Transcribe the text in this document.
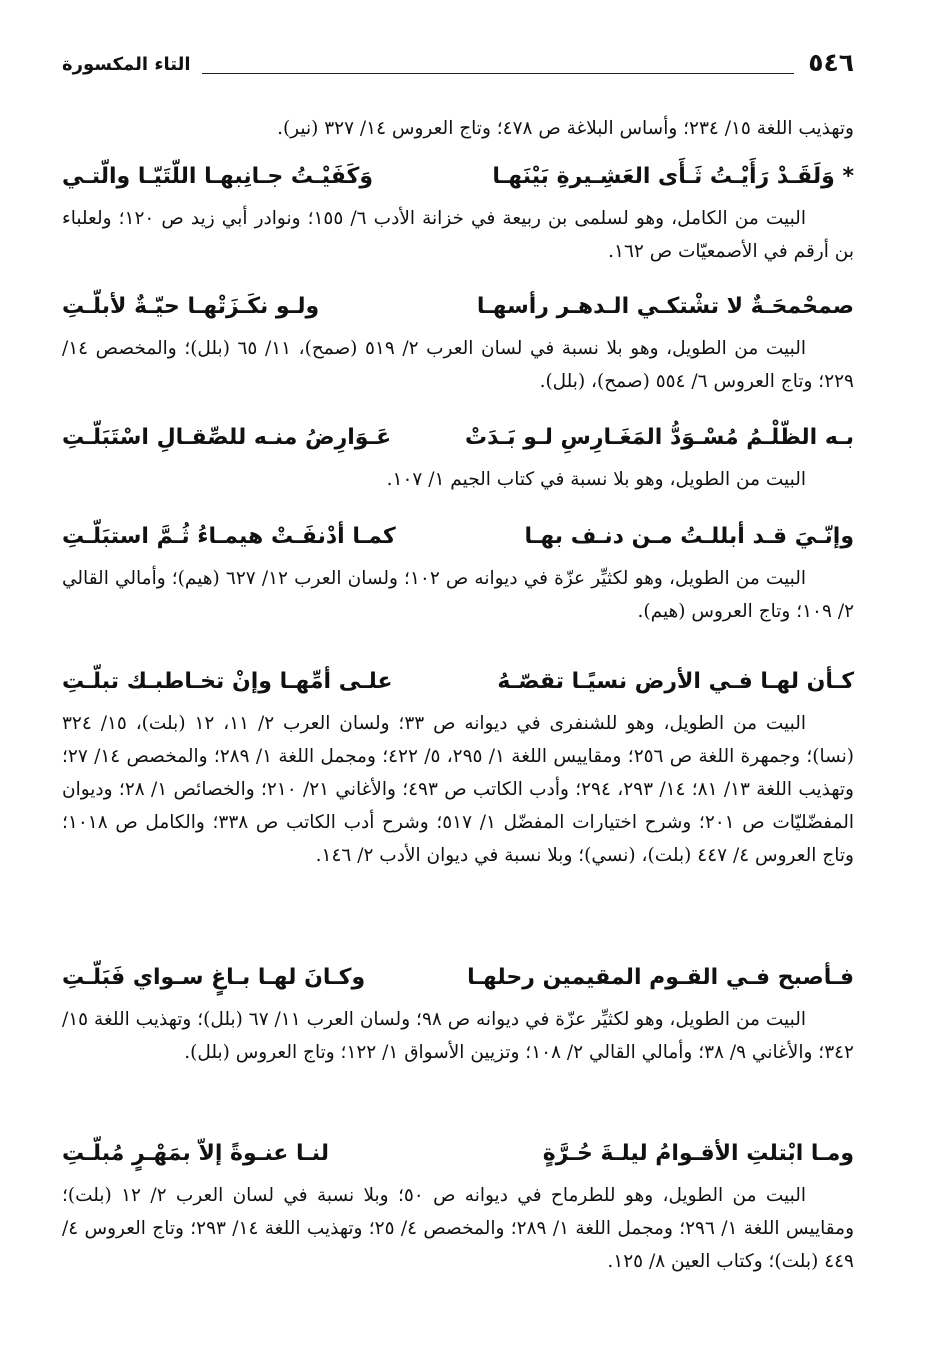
٥٤٦
التاء المكسورة

وتهذيب اللغة ١٥/ ٢٣٤؛ وأساس البلاغة ص ٤٧٨؛ وتاج العروس ١٤/ ٣٢٧ (نير).

* وَلَقَـدْ رَأَيْـتُ ثَـأَى العَشِـيرةِ بَيْنَهـا
وَكَفَيْـتُ جـانِبهـا اللّتَيّـا والّتـي

البيت من الكامل، وهو لسلمى بن ربيعة في خزانة الأدب ٦/ ١٥٥؛ ونوادر أبي زيد ص ١٢٠؛ ولعلباء بن أرقم في الأصمعيّات ص ١٦٢.

صمحْمحَـةٌ لا تشْتكـي الـدهـر رأسهـا
ولـو نكَـزَتْهـا حيّـةٌ لأبلّـتِ

البيت من الطويل، وهو بلا نسبة في لسان العرب ٢/ ٥١٩ (صمح)، ١١/ ٦٥ (بلل)؛ والمخصص ١٤/ ٢٢٩؛ وتاج العروس ٦/ ٥٥٤ (صمح)، (بلل).

بـه الظّلْـمُ مُسْـوَدُّ المَغَـارِسِ لـو بَـدَتْ
عَـوَارِضُ منـه للصِّقـالِ اسْتَبَلّـتِ

البيت من الطويل، وهو بلا نسبة في كتاب الجيم ١/ ١٠٧.

وإنّـيَ قـد أبللـتُ مـن دنـف بهـا
كمـا أدْنفَـتْ هيمـاءُ ثُـمَّ استبَلّـتِ

البيت من الطويل، وهو لكثيِّر عزّة في ديوانه ص ١٠٢؛ ولسان العرب ١٢/ ٦٢٧ (هيم)؛ وأمالي القالي ٢/ ١٠٩؛ وتاج العروس (هيم).

كـأن لهـا فـي الأرض نسيًـا تقصّـهُ
علـى أمِّهـا وإنْ تخـاطبـك تبلّـتِ

البيت من الطويل، وهو للشنفرى في ديوانه ص ٣٣؛ ولسان العرب ٢/ ١١، ١٢ (بلت)، ١٥/ ٣٢٤ (نسا)؛ وجمهرة اللغة ص ٢٥٦؛ ومقاييس اللغة ١/ ٢٩٥، ٥/ ٤٢٢؛ ومجمل اللغة ١/ ٢٨٩؛ والمخصص ١٤/ ٢٧؛ وتهذيب اللغة ١٣/ ٨١؛ ١٤/ ٢٩٣، ٢٩٤؛ وأدب الكاتب ص ٤٩٣؛ والأغاني ٢١/ ٢١٠؛ والخصائص ١/ ٢٨؛ وديوان المفضّليّات ص ٢٠١؛ وشرح اختيارات المفضّل ١/ ٥١٧؛ وشرح أدب الكاتب ص ٣٣٨؛ والكامل ص ١٠١٨؛ وتاج العروس ٤/ ٤٤٧ (بلت)، (نسي)؛ وبلا نسبة في ديوان الأدب ٢/ ١٤٦.

فـأصبح فـي القـوم المقيمين رحلهـا
وكـانَ لهـا بـاغٍ سـواي فَبَلّـتِ

البيت من الطويل، وهو لكثيِّر عزّة في ديوانه ص ٩٨؛ ولسان العرب ١١/ ٦٧ (بلل)؛ وتهذيب اللغة ١٥/ ٣٤٢؛ والأغاني ٩/ ٣٨؛ وأمالي القالي ٢/ ١٠٨؛ وتزيين الأسواق ١/ ١٢٢؛ وتاج العروس (بلل).

ومـا ابْتلتِ الأقـوامُ ليلـةَ حُـرَّةٍ
لنـا عنـوةً إلاّ بمَهْـرٍ مُبلّـتِ

البيت من الطويل، وهو للطرماح في ديوانه ص ٥٠؛ وبلا نسبة في لسان العرب ٢/ ١٢ (بلت)؛ ومقاييس اللغة ١/ ٢٩٦؛ ومجمل اللغة ١/ ٢٨٩؛ والمخصص ٤/ ٢٥؛ وتهذيب اللغة ١٤/ ٢٩٣؛ وتاج العروس ٤/ ٤٤٩ (بلت)؛ وكتاب العين ٨/ ١٢٥.
